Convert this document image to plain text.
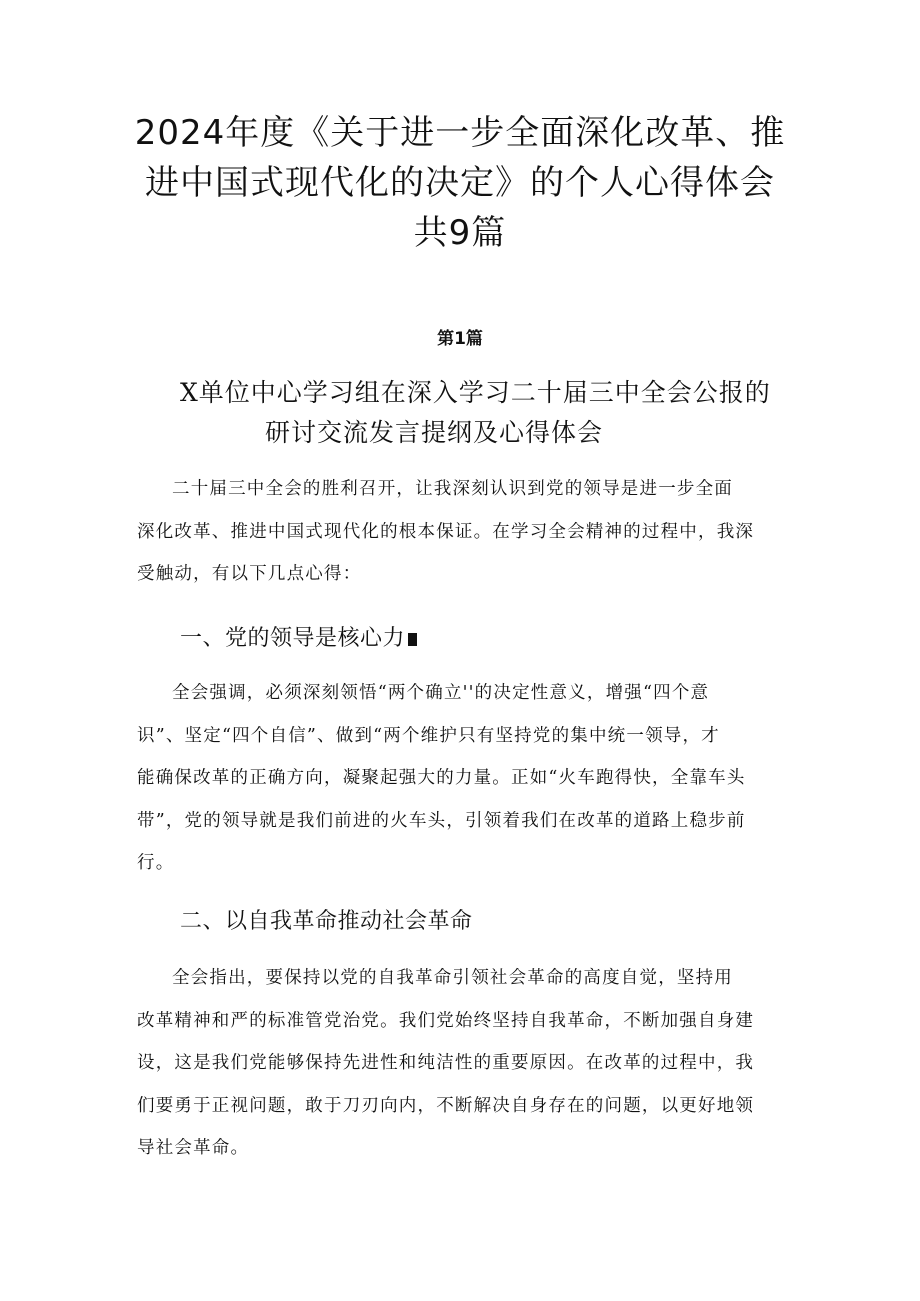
2024年度《关于进一步全面深化改革、推
进中国式现代化的决定》的个人心得体会
共9篇

第1篇

X单位中心学习组在深入学习二十届三中全会公报的
研讨交流发言提纲及心得体会
二十届三中全会的胜利召开，让我深刻认识到党的领导是进一步全面
深化改革、推进中国式现代化的根本保证。在学习全会精神的过程中，我深
受触动，有以下几点心得：
一、党的领导是核心力
全会强调，必须深刻领悟“两个确立''的决定性意义，增强“四个意
识”、坚定“四个自信”、做到“两个维护只有坚持党的集中统一领导，才
能确保改革的正确方向，凝聚起强大的力量。正如“火车跑得快，全靠车头
带”，党的领导就是我们前进的火车头，引领着我们在改革的道路上稳步前
行。
二、以自我革命推动社会革命
全会指出，要保持以党的自我革命引领社会革命的高度自觉，坚持用
改革精神和严的标准管党治党。我们党始终坚持自我革命，不断加强自身建
设，这是我们党能够保持先进性和纯洁性的重要原因。在改革的过程中，我
们要勇于正视问题，敢于刀刃向内，不断解决自身存在的问题，以更好地领
导社会革命。
